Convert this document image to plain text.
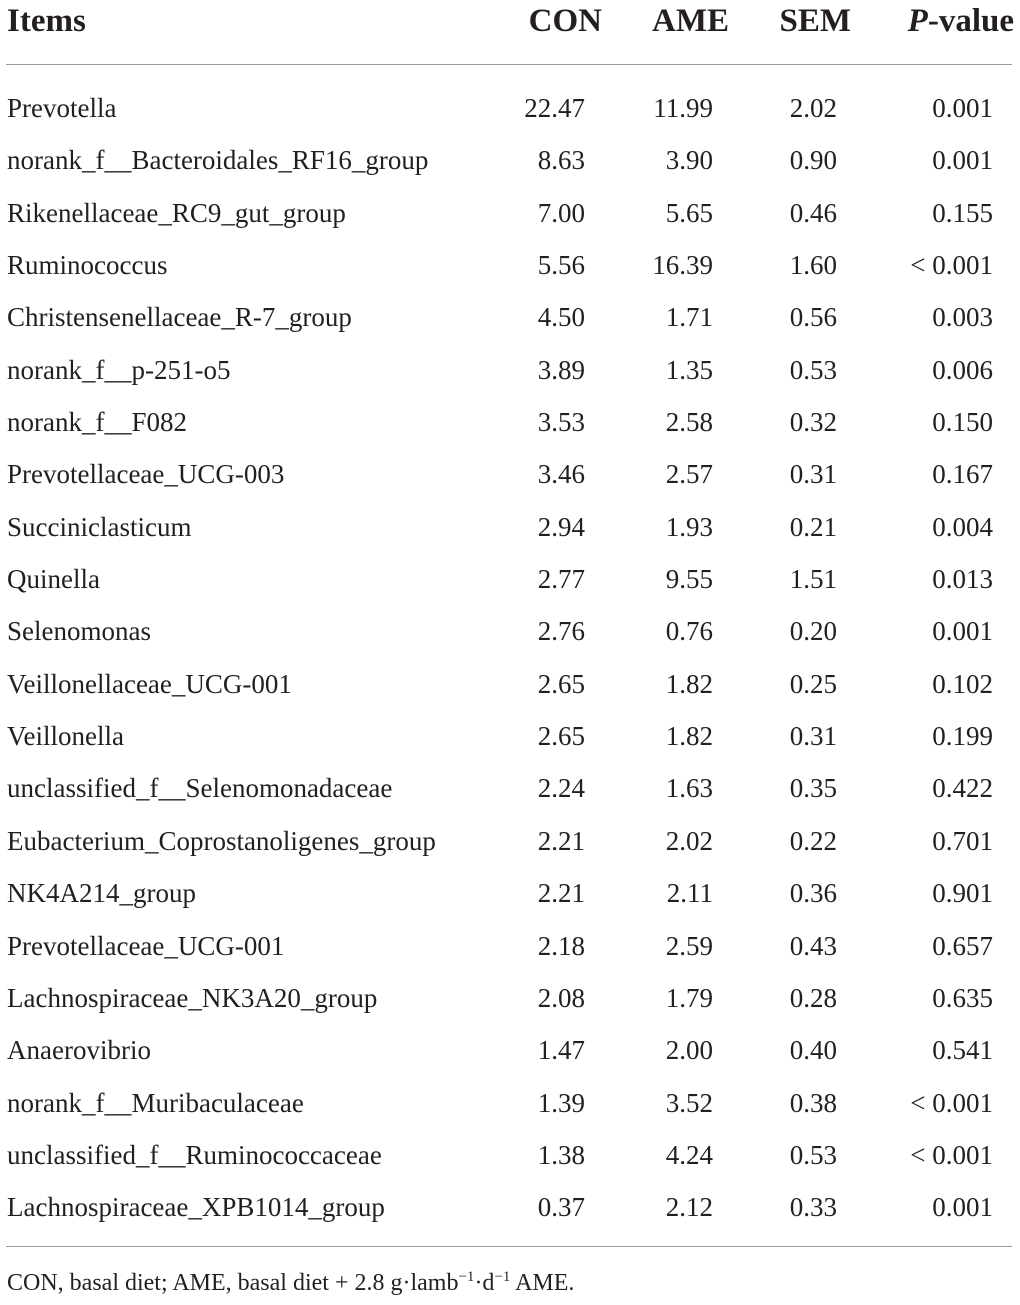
Items	CON AME SEM P-value
Prevotella	22.47	11.99	2.02	0.001
norank_f__Bacteroidales_RF16_group	8.63	3.90	0.90	0.001
Rikenellaceae_RC9_gut_group	7.00	5.65	0.46	0.155
Ruminococcus	5.56 16.39	1.60	< 0.001
Christensenellaceae_R-7_group	4.50	1.71	0.56	0.003
norank_f__p-251-o5	3.89	1.35	0.53	0.006
norank_f__F082	3.53	2.58	0.32	0.150
Prevotellaceae_UCG-003	3.46	2.57	0.31	0.167
Succiniclasticum	2.94	1.93	0.21	0.004
Quinella	2.77	9.55	1.51	0.013
Selenomonas	2.76	0.76	0.20	0.001
Veillonellaceae_UCG-001	2.65	1.82	0.25	0.102
Veillonella	2.65	1.82	0.31	0.199
unclassified_f__Selenomonadaceae	2.24	1.63	0.35	0.422
Eubacterium_Coprostanoligenes_group	2.21	2.02	0.22	0.701
NK4A214_group	2.21	2.11	0.36	0.901
Prevotellaceae_UCG-001	2.18	2.59	0.43	0.657
Lachnospiraceae_NK3A20_group	2.08	1.79	0.28	0.635
Anaerovibrio	1.47	2.00	0.40	0.541
norank_f__Muribaculaceae	1.39	3.52	0.38	< 0.001
unclassified_f__Ruminococcaceae	1.38	4.24	0.53	< 0.001
Lachnospiraceae_XPB1014_group	0.37	2.12	0.33	0.001
CON, basal diet; AME, basal diet + 2.8 $g\cdot lamb^{-1}\cdot d^{-1}$ AME.
